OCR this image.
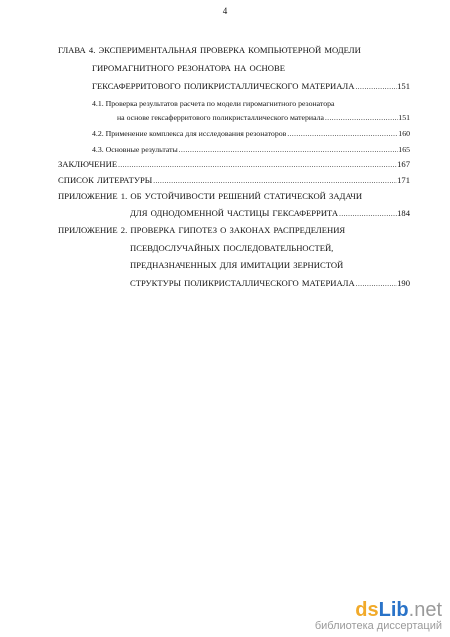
4
ГЛАВА 4. ЭКСПЕРИМЕНТАЛЬНАЯ ПРОВЕРКА КОМПЬЮТЕРНОЙ МОДЕЛИ
ГИРОМАГНИТНОГО РЕЗОНАТОРА НА ОСНОВЕ
ГЕКСАФЕРРИТОВОГО ПОЛИКРИСТАЛЛИЧЕСКОГО МАТЕРИАЛА .....	151
4.1. Проверка результатов расчета по модели гиромагнитного резонатора
на основе гексаферритового поликристаллического материала .....	151
4.2. Применение комплекса для исследования резонаторов .....	160
4.3. Основные результаты .....	165
ЗАКЛЮЧЕНИЕ .....	167
СПИСОК ЛИТЕРАТУРЫ .....	171
ПРИЛОЖЕНИЕ 1. ОБ УСТОЙЧИВОСТИ РЕШЕНИЙ СТАТИЧЕСКОЙ ЗАДАЧИ
ДЛЯ ОДНОДОМЕННОЙ ЧАСТИЦЫ ГЕКСАФЕРРИТА .....	184
ПРИЛОЖЕНИЕ 2. ПРОВЕРКА ГИПОТЕЗ О ЗАКОНАХ РАСПРЕДЕЛЕНИЯ
ПСЕВДОСЛУЧАЙНЫХ ПОСЛЕДОВАТЕЛЬНОСТЕЙ,
ПРЕДНАЗНАЧЕННЫХ ДЛЯ ИМИТАЦИИ ЗЕРНИСТОЙ
СТРУКТУРЫ ПОЛИКРИСТАЛЛИЧЕСКОГО МАТЕРИАЛА .....	190
dsLib.net
библиотека диссертаций
